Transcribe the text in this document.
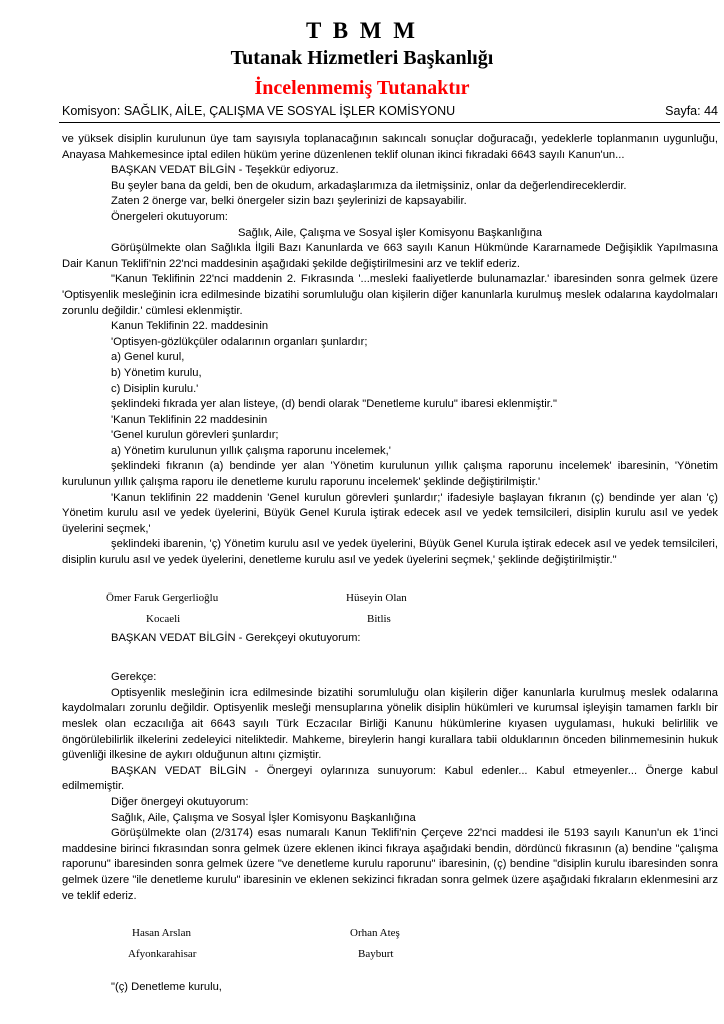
T B M M
Tutanak Hizmetleri Başkanlığı
İncelenmemiş Tutanaktır
Komisyon: SAĞLIK, AİLE, ÇALIŞMA VE SOSYAL İŞLER KOMİSYONU	Sayfa: 44

ve yüksek disiplin kurulunun üye tam sayısıyla toplanacağının sakıncalı sonuçlar doğuracağı, yedeklerle toplanmanın uygunluğu, Anayasa Mahkemesince iptal edilen hüküm yerine düzenlenen teklif olunan ikinci fıkradaki 6643 sayılı Kanun'un...

BAŞKAN VEDAT BİLGİN - Teşekkür ediyoruz.

Bu şeyler bana da geldi, ben de okudum, arkadaşlarımıza da iletmişsiniz, onlar da değerlendireceklerdir.

Zaten 2 önerge var, belki önergeler sizin bazı şeylerinizi de kapsayabilir.

Önergeleri okutuyorum:

Sağlık, Aile, Çalışma ve Sosyal işler Komisyonu Başkanlığına

Görüşülmekte olan Sağlıkla İlgili Bazı Kanunlarda ve 663 sayılı Kanun Hükmünde Kararnamede Değişiklik Yapılmasına Dair Kanun Teklifi'nin 22'nci maddesinin aşağıdaki şekilde değiştirilmesini arz ve teklif ederiz.

"Kanun Teklifinin 22'nci maddenin 2. Fıkrasında '...mesleki faaliyetlerde bulunamazlar.' ibaresinden sonra gelmek üzere 'Optisyenlik mesleğinin icra edilmesinde bizatihi sorumluluğu olan kişilerin diğer kanunlarla kurulmuş meslek odalarına kaydolmaları zorunlu değildir.' cümlesi eklenmiştir.

Kanun Teklifinin 22. maddesinin

'Optisyen-gözlükçüler odalarının organları şunlardır;

a) Genel kurul,

b) Yönetim kurulu,

c) Disiplin kurulu.'

şeklindeki fıkrada yer alan listeye, (d) bendi olarak "Denetleme kurulu" ibaresi eklenmiştir."

'Kanun Teklifinin 22 maddesinin

'Genel kurulun görevleri şunlardır;

a) Yönetim kurulunun yıllık çalışma raporunu incelemek,'

şeklindeki fıkranın (a) bendinde yer alan 'Yönetim kurulunun yıllık çalışma raporunu incelemek' ibaresinin, 'Yönetim kurulunun yıllık çalışma raporu ile denetleme kurulu raporunu incelemek' şeklinde değiştirilmiştir.'

'Kanun teklifinin 22 maddenin 'Genel kurulun görevleri şunlardır;' ifadesiyle başlayan fıkranın (ç) bendinde yer alan 'ç) Yönetim kurulu asıl ve yedek üyelerini, Büyük Genel Kurula iştirak edecek asıl ve yedek temsilcileri, disiplin kurulu asıl ve yedek üyelerini seçmek,'

şeklindeki ibarenin, 'ç) Yönetim kurulu asıl ve yedek üyelerini, Büyük Genel Kurula iştirak edecek asıl ve yedek temsilcileri, disiplin kurulu asıl ve yedek üyelerini, denetleme kurulu asıl ve yedek üyelerini seçmek,' şeklinde değiştirilmiştir."

Ömer Faruk Gergerlioğlu
Kocaeli
Hüseyin Olan
Bitlis

BAŞKAN VEDAT BİLGİN - Gerekçeyi okutuyorum:

Gerekçe:

Optisyenlik mesleğinin icra edilmesinde bizatihi sorumluluğu olan kişilerin diğer kanunlarla kurulmuş meslek odalarına kaydolmaları zorunlu değildir. Optisyenlik mesleği mensuplarına yönelik disiplin hükümleri ve kurumsal işleyişin tamamen farklı bir meslek olan eczacılığa ait 6643 sayılı Türk Eczacılar Birliği Kanunu hükümlerine kıyasen uygulaması, hukuki belirlilik ve öngörülebilirlik ilkelerini zedeleyici niteliktedir. Mahkeme, bireylerin hangi kurallara tabii olduklarının önceden bilinmemesinin hukuk güvenliği ilkesine de aykırı olduğunun altını çizmiştir.

BAŞKAN VEDAT BİLGİN - Önergeyi oylarınıza sunuyorum: Kabul edenler... Kabul etmeyenler... Önerge kabul edilmemiştir.

Diğer önergeyi okutuyorum:

Sağlık, Aile, Çalışma ve Sosyal İşler Komisyonu Başkanlığına

Görüşülmekte olan (2/3174) esas numaralı Kanun Teklifi'nin Çerçeve 22'nci maddesi ile 5193 sayılı Kanun'un ek 1'inci maddesine birinci fıkrasından sonra gelmek üzere eklenen ikinci fıkraya aşağıdaki bendin, dördüncü fıkrasının (a) bendine "çalışma raporunu" ibaresinden sonra gelmek üzere "ve denetleme kurulu raporunu" ibaresinin, (ç) bendine "disiplin kurulu ibaresinden sonra gelmek üzere "ile denetleme kurulu" ibaresinin ve eklenen sekizinci fıkradan sonra gelmek üzere aşağıdaki fıkraların eklenmesini arz ve teklif ederiz.

Hasan Arslan
Afyonkarahisar
Orhan Ateş
Bayburt

"(ç) Denetleme kurulu,
